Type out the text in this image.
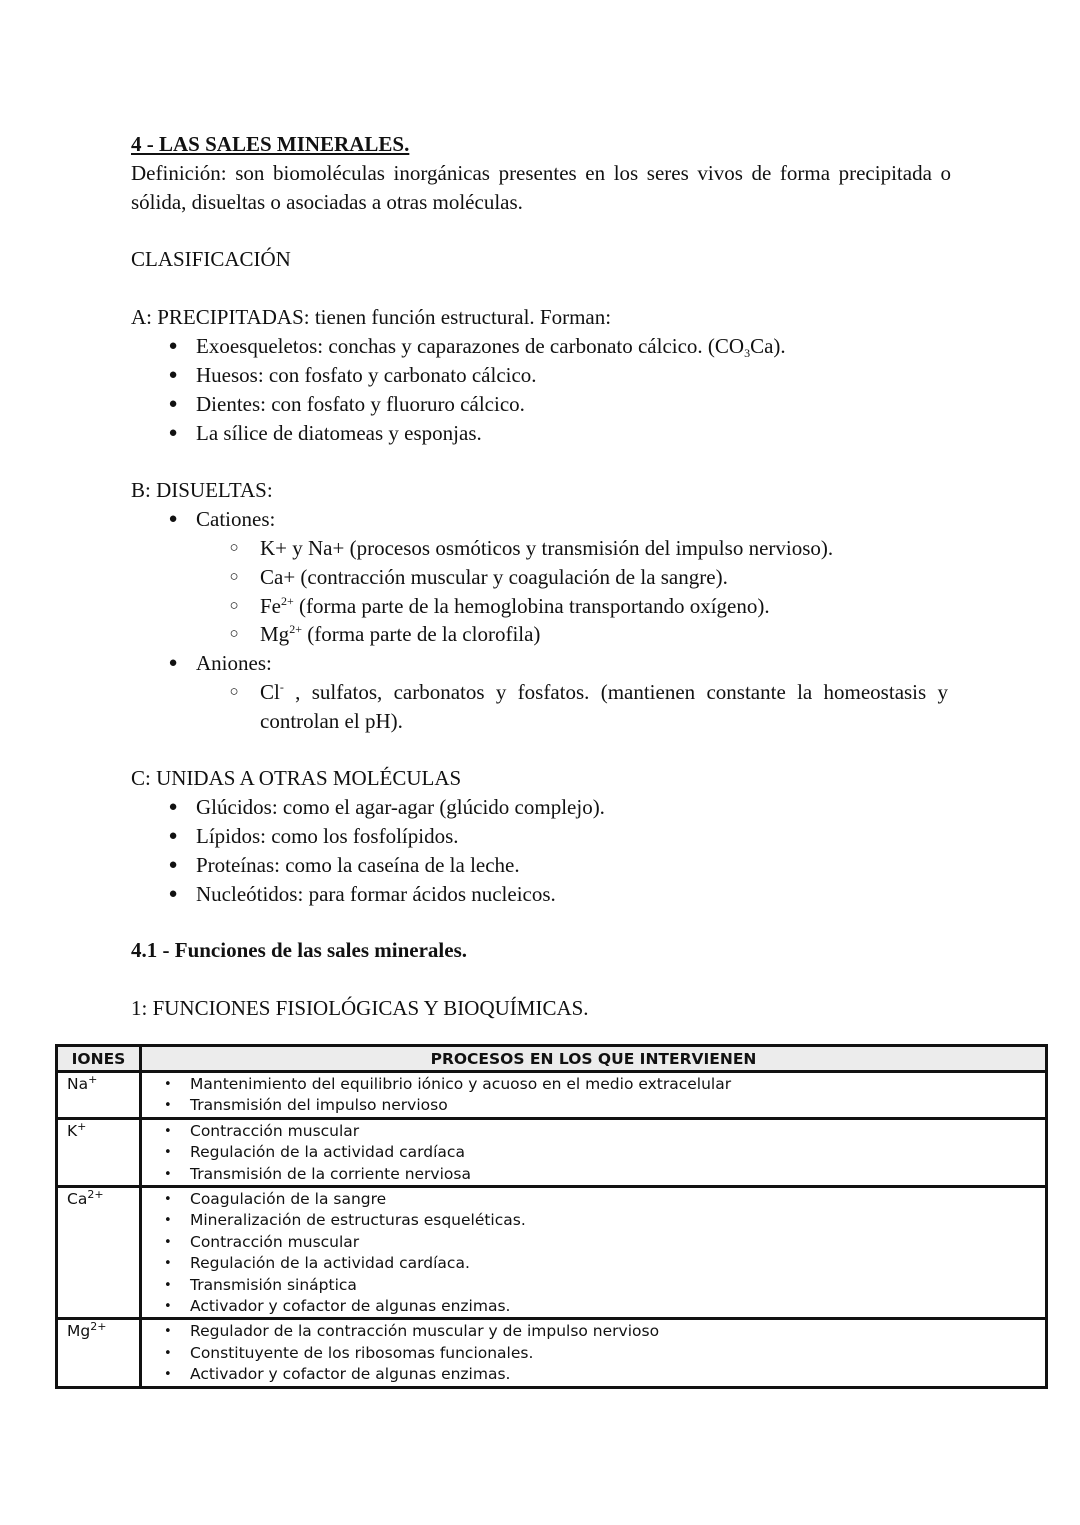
4 - LAS SALES MINERALES.
Definición: son biomoléculas inorgánicas presentes en los seres vivos de forma precipitada o sólida, disueltas o asociadas a otras moléculas.
CLASIFICACIÓN
A: PRECIPITADAS: tienen función estructural. Forman:
● Exoesqueletos: conchas y caparazones de carbonato cálcico. $(CO_3Ca)$.
● Huesos: con fosfato y carbonato cálcico.
● Dientes: con fosfato y fluoruro cálcico.
● La sílice de diatomeas y esponjas.
B: DISUELTAS:
● Cationes:
○ K+ y Na+ (procesos osmóticos y transmisión del impulso nervioso).
○ Ca+ (contracción muscular y coagulación de la sangre).
○ $Fe^{2+}$ (forma parte de la hemoglobina transportando oxígeno).
○ $Mg^{2+}$ (forma parte de la clorofila)
● Aniones:
○ Cl- , sulfatos, carbonatos y fosfatos. (mantienen constante la homeostasis y controlan el pH).
C: UNIDAS A OTRAS MOLÉCULAS
● Glúcidos: como el agar-agar (glúcido complejo).
● Lípidos: como los fosfolípidos.
● Proteínas: como la caseína de la leche.
● Nucleótidos: para formar ácidos nucleicos.
4.1 - Funciones de las sales minerales.
1: FUNCIONES FISIOLÓGICAS Y BIOQUÍMICAS.
IONES	PROCESOS EN LOS QUE INTERVIENEN
Na+	• Mantenimiento del equilibrio iónico y acuoso en el medio extracelular
• Transmisión del impulso nervioso
K+	• Contracción muscular
• Regulación de la actividad cardíaca
• Transmisión de la corriente nerviosa
$Ca^{2+}$	• Coagulación de la sangre
• Mineralización de estructuras esqueléticas.
• Contracción muscular
• Regulación de la actividad cardíaca.
• Transmisión sináptica
• Activador y cofactor de algunas enzimas.
$Mg^{2+}$	• Regulador de la contracción muscular y de impulso nervioso
• Constituyente de los ribosomas funcionales.
• Activador y cofactor de algunas enzimas.
